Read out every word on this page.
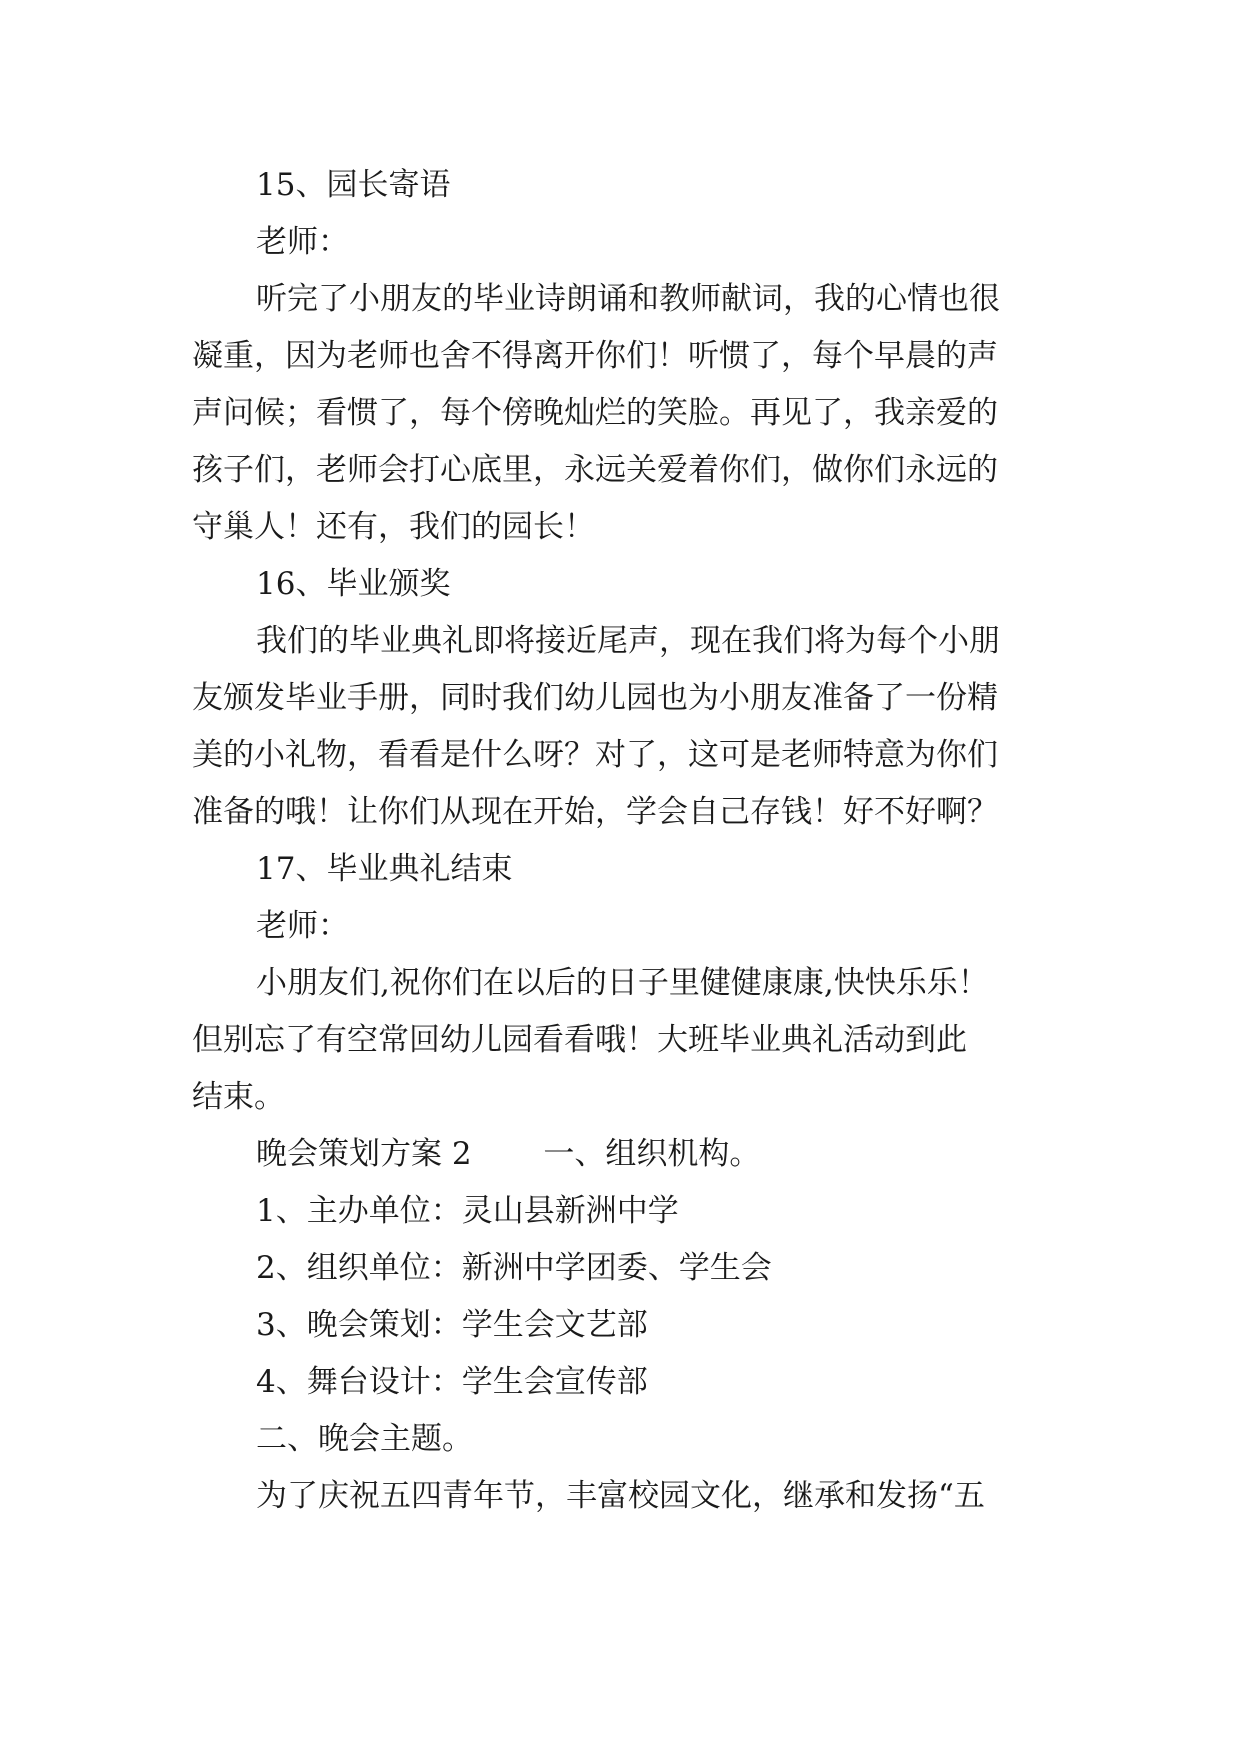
15、园长寄语
老师：
听完了小朋友的毕业诗朗诵和教师献词，我的心情也很
凝重，因为老师也舍不得离开你们！听惯了，每个早晨的声
声问候；看惯了，每个傍晚灿烂的笑脸。再见了，我亲爱的
孩子们，老师会打心底里，永远关爱着你们，做你们永远的
守巢人！还有，我们的园长！
16、毕业颁奖
我们的毕业典礼即将接近尾声，现在我们将为每个小朋
友颁发毕业手册，同时我们幼儿园也为小朋友准备了一份精
美的小礼物，看看是什么呀？对了，这可是老师特意为你们
准备的哦！让你们从现在开始，学会自己存钱！好不好啊？
17、毕业典礼结束
老师：
小朋友们,祝你们在以后的日子里健健康康,快快乐乐！
但别忘了有空常回幼儿园看看哦！大班毕业典礼活动到此
结束。
晚会策划方案 2　　 一、组织机构。
1、主办单位：灵山县新洲中学
2、组织单位：新洲中学团委、学生会
3、晚会策划：学生会文艺部
4、舞台设计：学生会宣传部
二、晚会主题。
为了庆祝五四青年节，丰富校园文化，继承和发扬“五
